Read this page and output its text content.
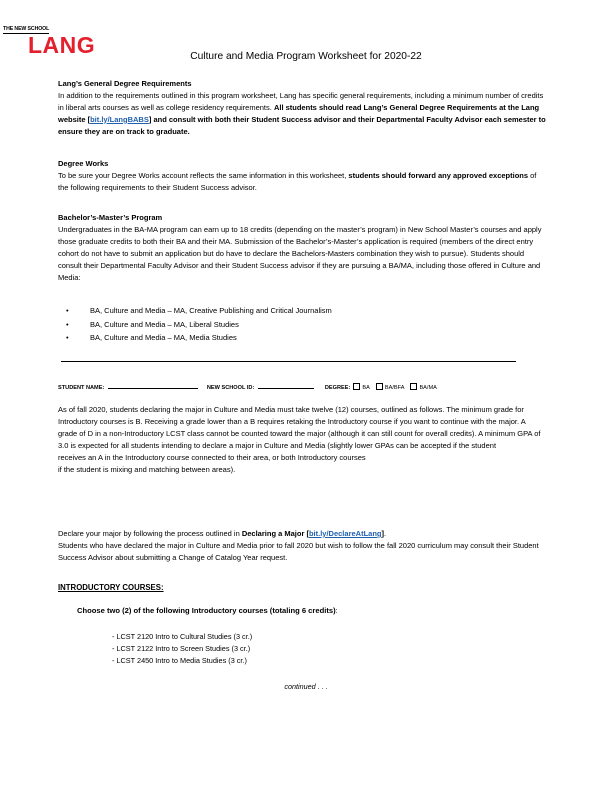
THE NEW SCHOOL
LANG	Culture and Media Program Worksheet for 2020-22

Lang’s General Degree Requirements

In addition to the requirements outlined in this program worksheet, Lang has specific general requirements, including a minimum number of credits in liberal arts courses as well as college residency requirements. All students should read Lang’s General Degree Requirements at the Lang website [bit.ly/LangBABS] and consult with both their Student Success advisor and their Departmental Faculty Advisor each semester to ensure they are on track to graduate.

Degree Works

To be sure your Degree Works account reflects the same information in this worksheet, students should forward any approved exceptions of the following requirements to their Student Success advisor.

Bachelor’s-Master’s Program

Undergraduates in the BA-MA program can earn up to 18 credits (depending on the master’s program) in New School Master’s courses and apply those graduate credits to both their BA and their MA. Submission of the Bachelor’s-Master’s application is required (members of the direct entry cohort do not have to submit an application but do have to declare the Bachelors-Masters combination they wish to pursue). Students should consult their Departmental Faculty Advisor and their Student Success advisor if they are pursuing a BA/MA, including those offered in Culture and Media:

•	BA, Culture and Media – MA, Creative Publishing and Critical Journalism
•	BA, Culture and Media – MA, Liberal Studies
•	BA, Culture and Media – MA, Media Studies
STUDENT NAME:	NEW SCHOOL ID:	DEGREE: BA	BA/BFA	BA/MA

As of fall 2020, students declaring the major in Culture and Media must take twelve (12) courses, outlined as follows. The minimum grade for Introductory courses is B. Receiving a grade lower than a B requires retaking the Introductory course if you want to continue with the major. A

grade of D in a non-Introductory LCST class cannot be counted toward the major (although it can still count for overall credits). A minimum GPA of 3.0 is expected for all students intending to declare a major in Culture and Media (slightly lower GPAs can be accepted if the student

receives an A in the Introductory course connected to their area, or both Introductory courses

if the student is mixing and matching between areas).

Declare your major by following the process outlined in Declaring a Major [bit.ly/DeclareAtLang].

Students who have declared the major in Culture and Media prior to fall 2020 but wish to follow the fall 2020 curriculum may consult their Student Success Advisor about submitting a Change of Catalog Year request.

INTRODUCTORY COURSES:
Choose two (2) of the following Introductory courses (totaling 6 credits):
- LCST 2120 Intro to Cultural Studies (3 cr.)
- LCST 2122 Intro to Screen Studies (3 cr.)
- LCST 2450 Intro to Media Studies (3 cr.)
continued . . .
